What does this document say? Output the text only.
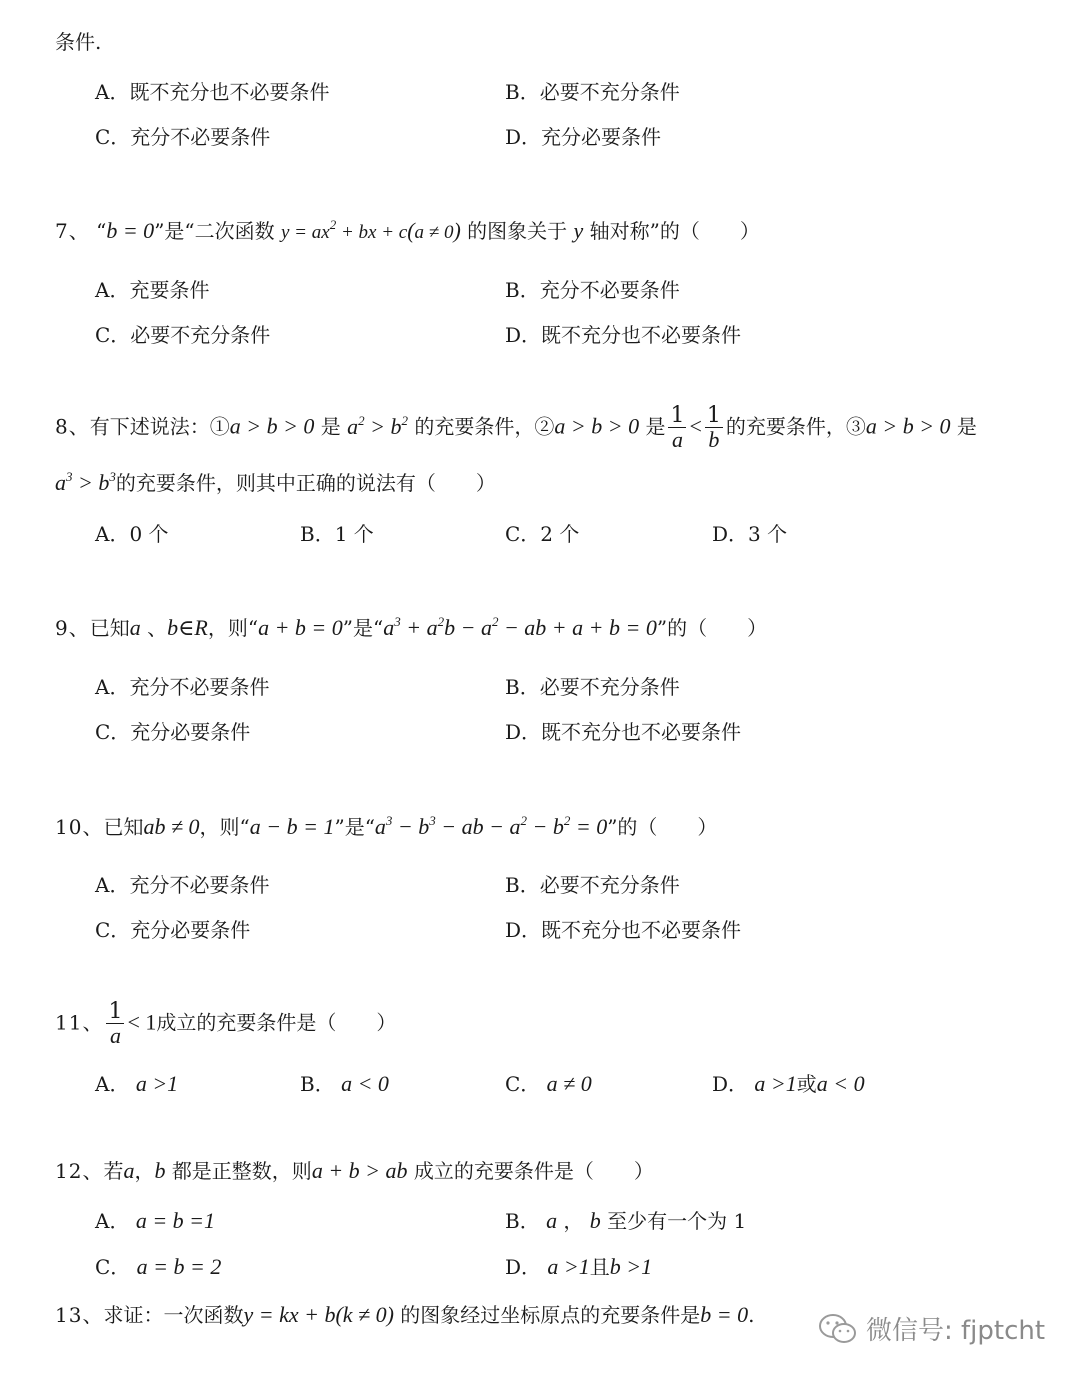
条件.
A．既不充分也不必要条件	B．必要不充分条件
C．充分不必要条件	D．充分必要条件
7、 “b = 0”是“二次函数 $y = ax^2$ + bx + c(a ≠ 0) 的图象关于 y 轴对称”的（　　）
A．充要条件	B．充分不必要条件
C．必要不充分条件	D．既不充分也不必要条件
8、有下述说法：①a > b > 0 是 $a^2 > b^2$ 的充要条件，②a > b > 0 是 $\frac{1}{a} < \frac{1}{b}$ 的充要条件，③a > b > 0 是
$a^3 > b^3$的充要条件，则其中正确的说法有（　　）
A．0 个	B．1 个	C．2 个	D．3 个
9、已知a 、b∈R，则“a + b = 0”是“$a^3 + a^2b - a^2$ − ab + a + b = 0”的（　　）
A．充分不必要条件	B．必要不充分条件
C．充分必要条件	D．既不充分也不必要条件
10、已知ab ≠ 0，则“a − b = 1”是“$a^3 - b^3$ − ab − $a^2 - b^2 = 0$”的（　　）
A．充分不必要条件	B．必要不充分条件
C．充分必要条件	D．既不充分也不必要条件
11、 $\frac{1}{a} < 1$成立的充要条件是（　　）
A． a >1	B． a < 0	C． a ≠ 0	D． a >1或a < 0
12、若a，b 都是正整数，则a + b > ab 成立的充要条件是（　　）
A． a = b =1	B． a ， b 至少有一个为 1
C． a = b = 2	D． a >1且b >1
13、求证：一次函数y = kx + b(k ≠ 0) 的图象经过坐标原点的充要条件是b = 0.
微信号: fjptcht
